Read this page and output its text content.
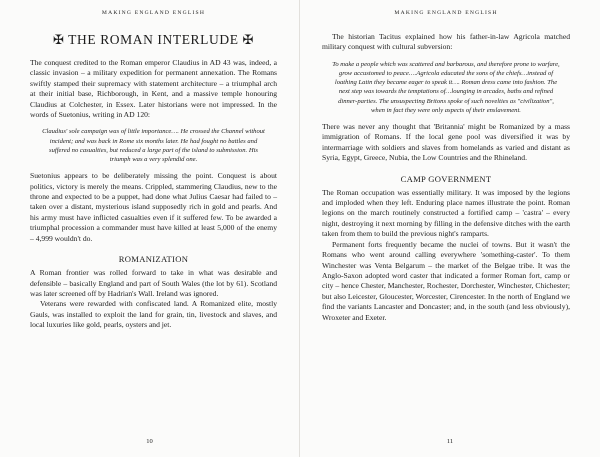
MAKING ENGLAND ENGLISH
✠ THE ROMAN INTERLUDE ✠

The conquest credited to the Roman emperor Claudius in AD 43 was, indeed, a classic invasion – a military expedition for permanent annexation. The Romans swiftly stamped their supremacy with statement architecture – a triumphal arch at their initial base, Richborough, in Kent, and a massive temple honouring Claudius at Colchester, in Essex. Later historians were not impressed. In the words of Suetonius, writing in AD 120:

Claudius' sole campaign was of little importance…. He crossed the Channel without incident; and was back in Rome six months later. He had fought no battles and suffered no casualties, but reduced a large part of the island to submission. His triumph was a very splendid one.

Suetonius appears to be deliberately missing the point. Conquest is about politics, victory is merely the means. Crippled, stammering Claudius, new to the throne and expected to be a puppet, had done what Julius Caesar had failed to – taken over a distant, mysterious island supposedly rich in gold and pearls. And his army must have inflicted casualties even if it suffered few. To be awarded a triumphal procession a commander must have killed at least 5,000 of the enemy – 4,999 wouldn't do.

ROMANIZATION

A Roman frontier was rolled forward to take in what was desirable and defensible – basically England and part of South Wales (the lot by 61). Scotland was later screened off by Hadrian's Wall. Ireland was ignored.

Veterans were rewarded with confiscated land. A Romanized elite, mostly Gauls, was installed to exploit the land for grain, tin, livestock and slaves, and local luxuries like gold, pearls, oysters and jet.

10
MAKING ENGLAND ENGLISH

The historian Tacitus explained how his father-in-law Agricola matched military conquest with cultural subversion:

To make a people which was scattered and barbarous, and therefore prone to warfare, grow accustomed to peace….Agricola educated the sons of the chiefs…instead of loathing Latin they became eager to speak it…. Roman dress came into fashion. The next step was towards the temptations of…lounging in arcades, baths and refined dinner-parties. The unsuspecting Britons spoke of such novelties as "civilization", when in fact they were only aspects of their enslavement.

There was never any thought that 'Britannia' might be Romanized by a mass immigration of Romans. If the local gene pool was diversified it was by intermarriage with soldiers and slaves from homelands as varied and distant as Syria, Egypt, Greece, Nubia, the Low Countries and the Rhineland.

CAMP GOVERNMENT

The Roman occupation was essentially military. It was imposed by the legions and imploded when they left. Enduring place names illustrate the point. Roman legions on the march routinely constructed a fortified camp – 'castra' – every night, destroying it next morning by filling in the defensive ditches with the earth taken from them to build the previous night's ramparts.

Permanent forts frequently became the nuclei of towns. But it wasn't the Romans who went around calling everywhere 'something-caster'. To them Winchester was Venta Belgarum – the market of the Belgae tribe. It was the Anglo-Saxon adopted word caster that indicated a former Roman fort, camp or city – hence Chester, Manchester, Rochester, Dorchester, Winchester, Chichester; but also Leicester, Gloucester, Worcester, Cirencester. In the north of England we find the variants Lancaster and Doncaster; and, in the south (and less obviously), Wroxeter and Exeter.

11
